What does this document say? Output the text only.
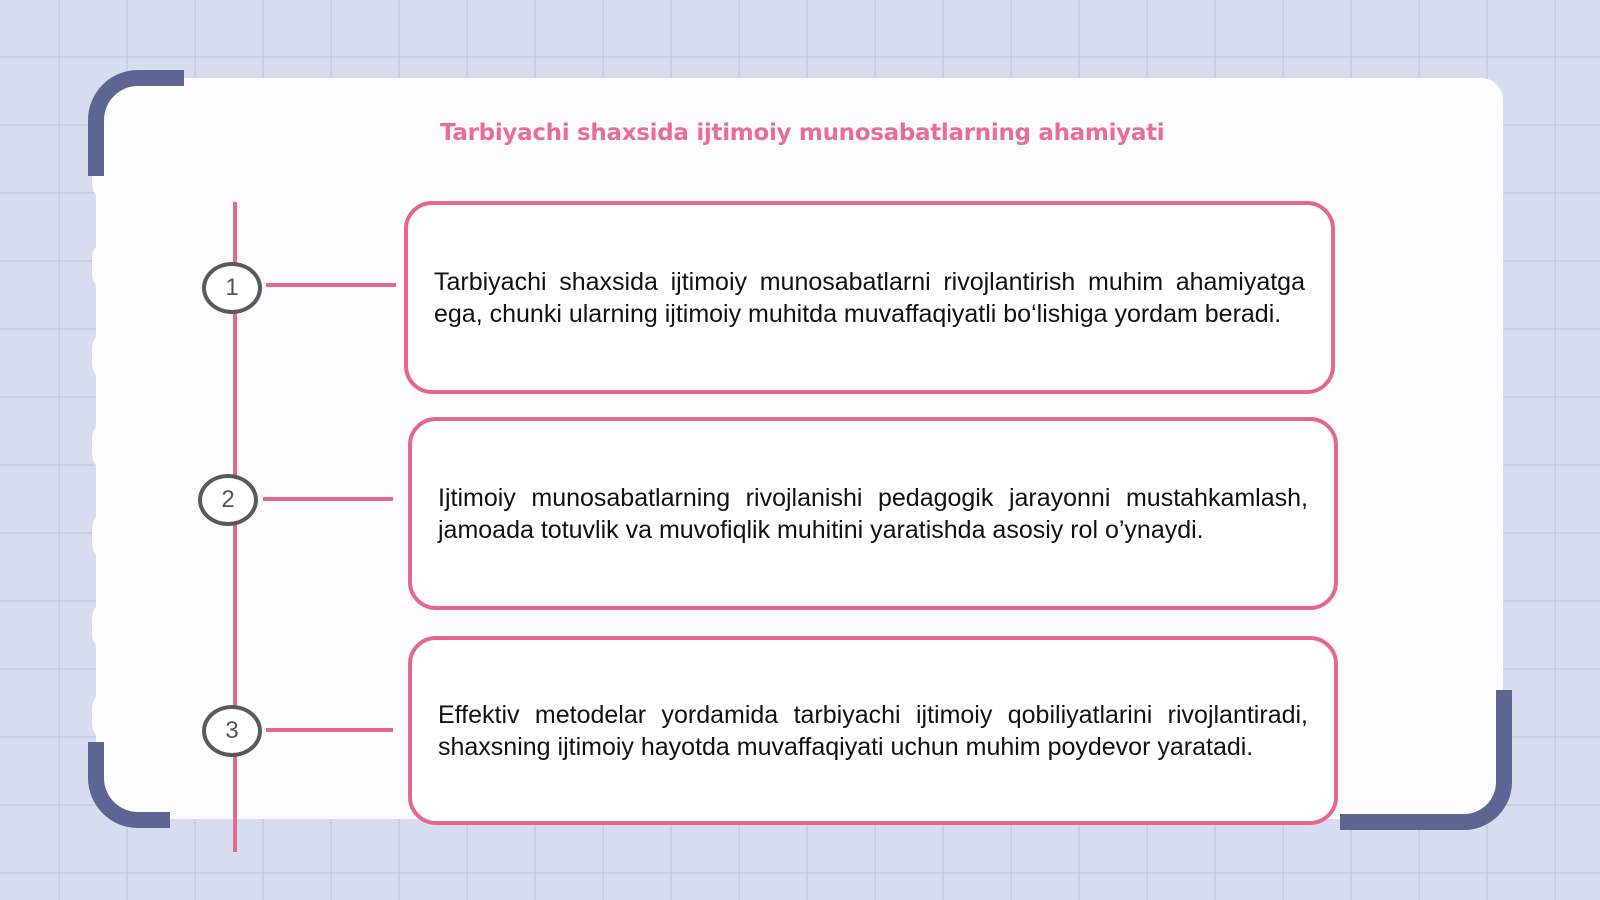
Tarbiyachi shaxsida ijtimoiy munosabatlarning ahamiyati
1	Tarbiyachi shaxsida ijtimoiy munosabatlarni rivojlantirish muhim ahamiyatga ega, chunki ularning ijtimoiy muhitda muvaffaqiyatli bo‘lishiga yordam beradi.

2	Ijtimoiy munosabatlarning rivojlanishi pedagogik jarayonni mustahkamlash, jamoada totuvlik va muvofiqlik muhitini yaratishda asosiy rol o’ynaydi.

3

Effektiv metodelar yordamida tarbiyachi ijtimoiy qobiliyatlarini rivojlantiradi, shaxsning ijtimoiy hayotda muvaffaqiyati uchun muhim poydevor yaratadi.
